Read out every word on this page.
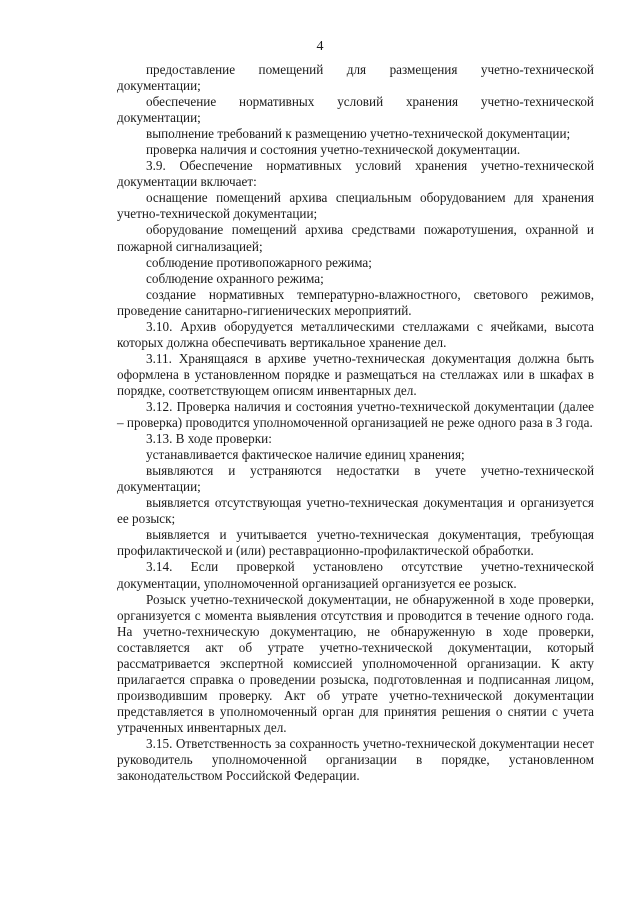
4

предоставление помещений для размещения учетно-технической документации;

обеспечение нормативных условий хранения учетно-технической документации;

выполнение требований к размещению учетно-технической документации;

проверка наличия и состояния учетно-технической документации.

3.9. Обеспечение нормативных условий хранения учетно-технической документации включает:

оснащение помещений архива специальным оборудованием для хранения учетно-технической документации;

оборудование помещений архива средствами пожаротушения, охранной и пожарной сигнализацией;

соблюдение противопожарного режима;

соблюдение охранного режима;

создание нормативных температурно-влажностного, светового режимов, проведение санитарно-гигиенических мероприятий.

3.10. Архив оборудуется металлическими стеллажами с ячейками, высота которых должна обеспечивать вертикальное хранение дел.

3.11. Хранящаяся в архиве учетно-техническая документация должна быть оформлена в установленном порядке и размещаться на стеллажах или в шкафах в порядке, соответствующем описям инвентарных дел.

3.12. Проверка наличия и состояния учетно-технической документации (далее – проверка) проводится уполномоченной организацией не реже одного раза в 3 года.

3.13. В ходе проверки:

устанавливается фактическое наличие единиц хранения;

выявляются и устраняются недостатки в учете учетно-технической документации;

выявляется отсутствующая учетно-техническая документация и организуется ее розыск;

выявляется и учитывается учетно-техническая документация, требующая профилактической и (или) реставрационно-профилактической обработки.

3.14. Если проверкой установлено отсутствие учетно-технической документации, уполномоченной организацией организуется ее розыск.

Розыск учетно-технической документации, не обнаруженной в ходе проверки, организуется с момента выявления отсутствия и проводится в течение одного года. На учетно-техническую документацию, не обнаруженную в ходе проверки, составляется акт об утрате учетно-технической документации, который рассматривается экспертной комиссией уполномоченной организации. К акту прилагается справка о проведении розыска, подготовленная и подписанная лицом, производившим проверку. Акт об утрате учетно-технической документации представляется в уполномоченный орган для принятия решения о снятии с учета утраченных инвентарных дел.

3.15. Ответственность за сохранность учетно-технической документации несет руководитель уполномоченной организации в порядке, установленном законодательством Российской Федерации.
